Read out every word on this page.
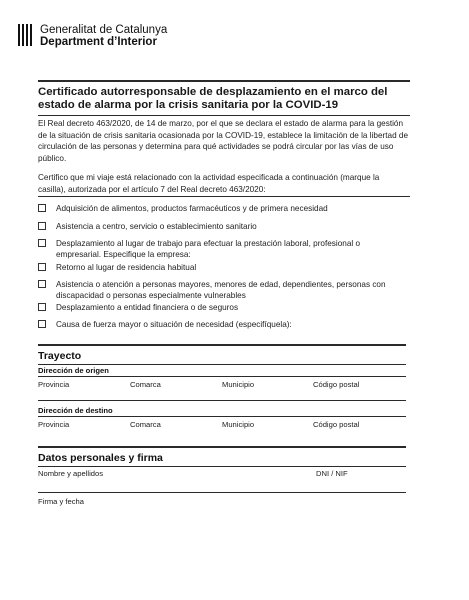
Generalitat de Catalunya
Department d’Interior
Certificado autorresponsable de desplazamiento en el marco del estado de alarma por la crisis sanitaria por la COVID-19

El Real decreto 463/2020, de 14 de marzo, por el que se declara el estado de alarma para la gestión de la situación de crisis sanitaria ocasionada por la COVID-19, establece la limitación de la libertad de circulación de las personas y determina para qué actividades se podrá circular por las vías de uso público.

Certifico que mi viaje está relacionado con la actividad especificada a continuación (marque la casilla), autorizada por el artículo 7 del Real decreto 463/2020:

Adquisición de alimentos, productos farmacéuticos y de primera necesidad
Asistencia a centro, servicio o establecimiento sanitario
Desplazamiento al lugar de trabajo para efectuar la prestación laboral, profesional o empresarial. Especifique la empresa:
Retorno al lugar de residencia habitual
Asistencia o atención a personas mayores, menores de edad, dependientes, personas con discapacidad o personas especialmente vulnerables
Desplazamiento a entidad financiera o de seguros
Causa de fuerza mayor o situación de necesidad (especifíquela):
Trayecto
Dirección de origen
Provincia	Comarca	Municipio	Código postal
Dirección de destino
Provincia	Comarca	Municipio	Código postal
Datos personales y firma
Nombre y apellidos	DNI / NIF
Firma y fecha
